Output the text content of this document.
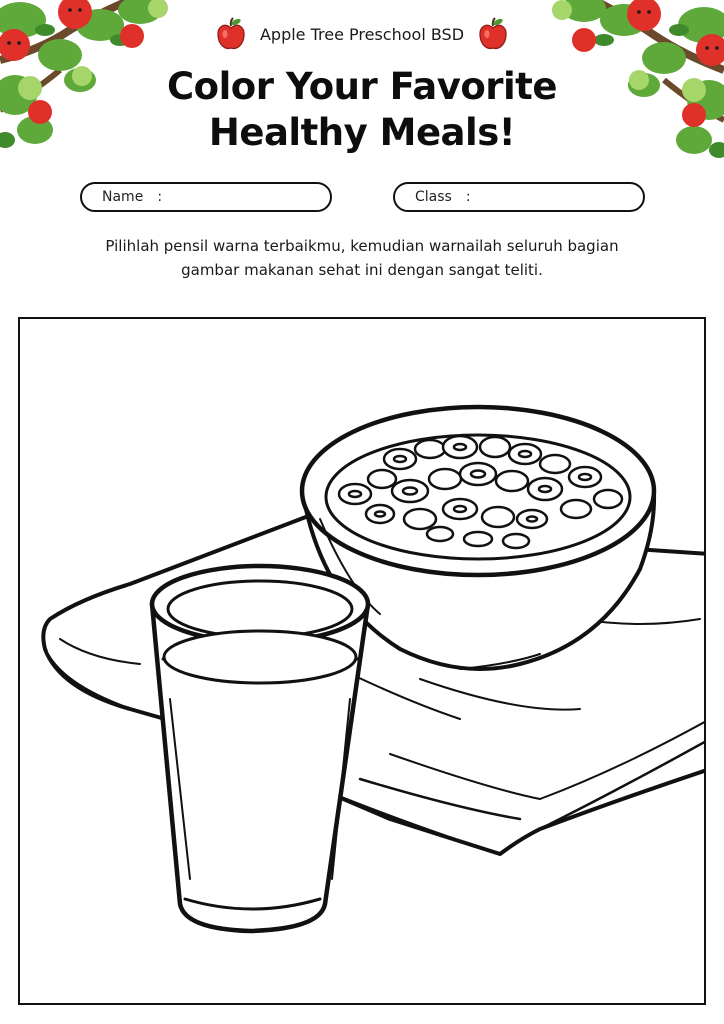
Apple Tree Preschool BSD
Color Your Favorite
Healthy Meals!
Name :	Class :
Pilihlah pensil warna terbaikmu, kemudian warnailah seluruh bagian
gambar makanan sehat ini dengan sangat teliti.
